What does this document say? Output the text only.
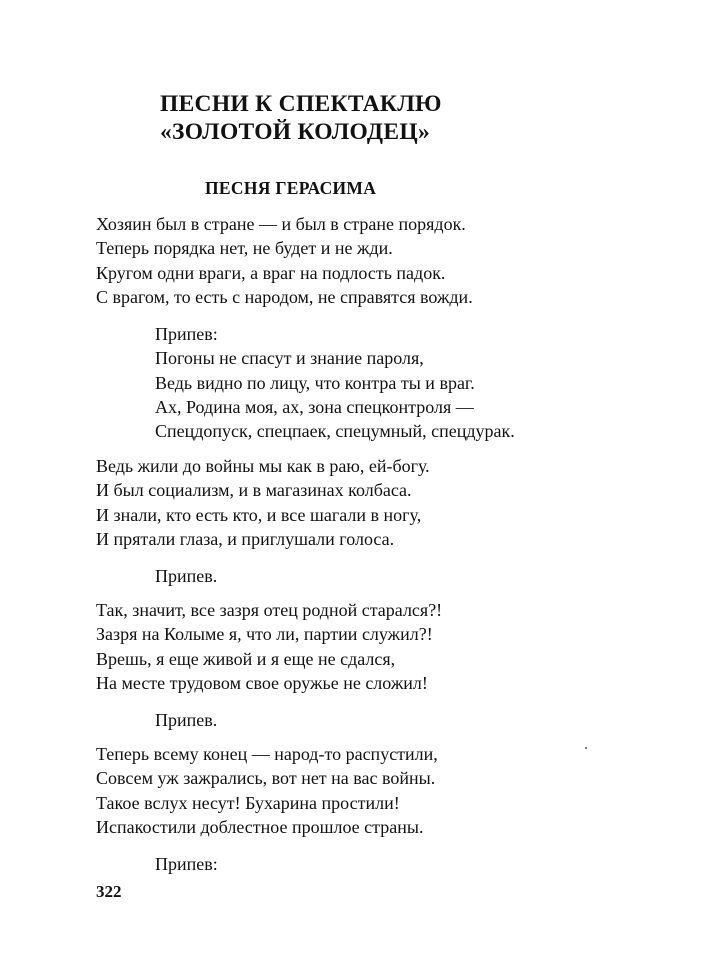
ПЕСНИ К СПЕКТАКЛЮ
«ЗОЛОТОЙ КОЛОДЕЦ»
ПЕСНЯ ГЕРАСИМА
Хозяин был в стране — и был в стране порядок.
Теперь порядка нет, не будет и не жди.
Кругом одни враги, а враг на подлость падок.
С врагом, то есть с народом, не справятся вожди.
Припев:
Погоны не спасут и знание пароля,
Ведь видно по лицу, что контра ты и враг.
Ах, Родина моя, ах, зона спецконтроля —
Спецдопуск, спецпаек, спецумный, спецдурак.
Ведь жили до войны мы как в раю, ей-богу.
И был социализм, и в магазинах колбаса.
И знали, кто есть кто, и все шагали в ногу,
И прятали глаза, и приглушали голоса.
Припев.
Так, значит, все зазря отец родной старался?!
Зазря на Колыме я, что ли, партии служил?!
Врешь, я еще живой и я еще не сдался,
На месте трудовом свое оружье не сложил!
Припев.
Теперь всему конец — народ-то распустили,
Совсем уж зажрались, вот нет на вас войны.
Такое вслух несут! Бухарина простили!
Испакостили доблестное прошлое страны.
Припев:
322
